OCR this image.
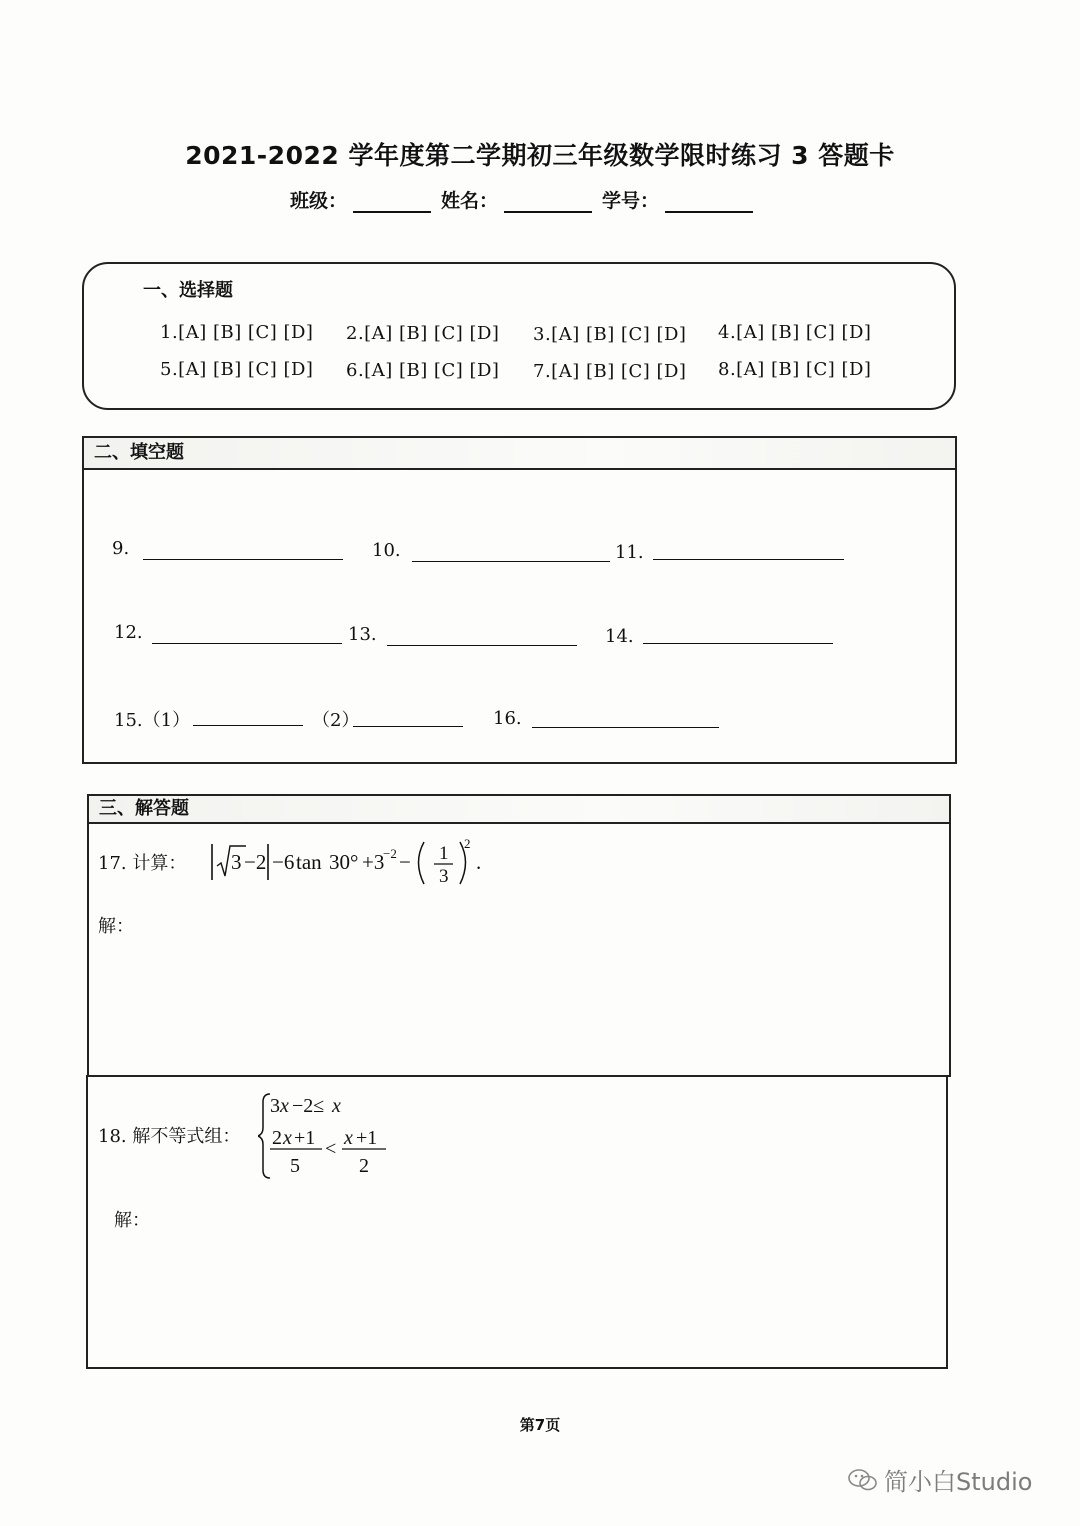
2021-2022 学年度第二学期初三年级数学限时练习 3 答题卡
班级：	姓名：	学号：
一、选择题
1.[A] [B] [C] [D] 2.[A] [B] [C] [D] 3.[A] [B] [C] [D] 4.[A] [B] [C] [D]
5.[A] [B] [C] [D] 6.[A] [B] [C] [D] 7.[A] [B] [C] [D] 8.[A] [B] [C] [D]
二、填空题
9.	10.	11.
12.	13.	14.
15.（1）	（2）	16.
三、解答题
17. 计算： 3 −2 −6 tan 30° +3
−2 − 1
3
2
.
解：
18. 解不等式组：
3 x −2≤ x
2 x +1
5
< x +1
2
解：
第7页
简小白Studio
